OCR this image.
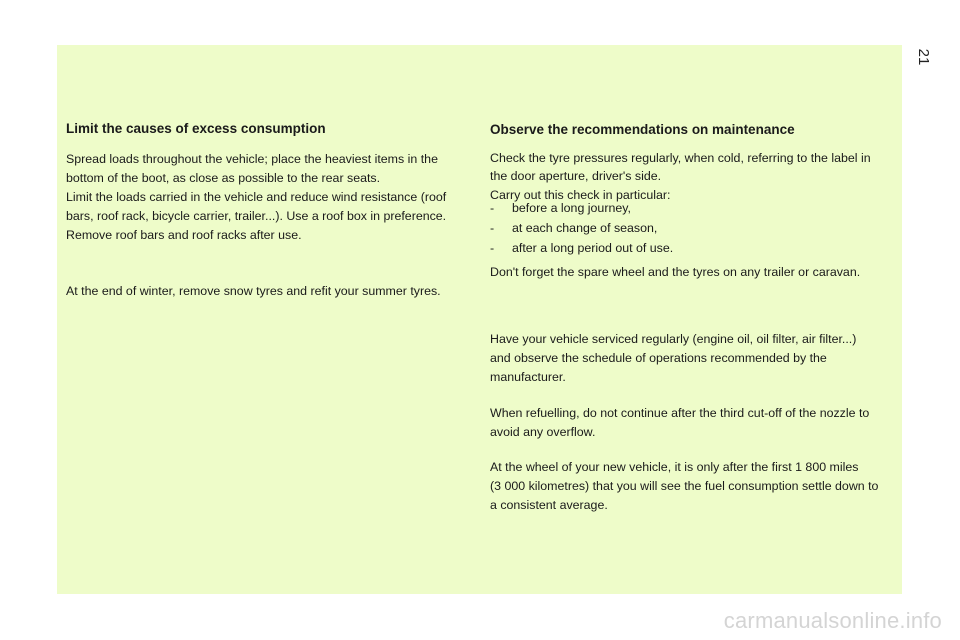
21
Limit the causes of excess consumption

Spread loads throughout the vehicle; place the heaviest items in the

bottom of the boot, as close as possible to the rear seats.

Limit the loads carried in the vehicle and reduce wind resistance (roof

bars, roof rack, bicycle carrier, trailer...). Use a roof box in preference.

Remove roof bars and roof racks after use.

At the end of winter, remove snow tyres and refit your summer tyres.

Observe the recommendations on maintenance

Check the tyre pressures regularly, when cold, referring to the label in

the door aperture, driver's side.

Carry out this check in particular:

- before a long journey,
- at each change of season,
- after a long period out of use.

Don't forget the spare wheel and the tyres on any trailer or caravan.

Have your vehicle serviced regularly (engine oil, oil filter, air filter...)

and observe the schedule of operations recommended by the

manufacturer.

When refuelling, do not continue after the third cut-off of the nozzle to

avoid any overflow.

At the wheel of your new vehicle, it is only after the first 1 800 miles

(3 000 kilometres) that you will see the fuel consumption settle down to

a consistent average.

carmanualsonline.info
